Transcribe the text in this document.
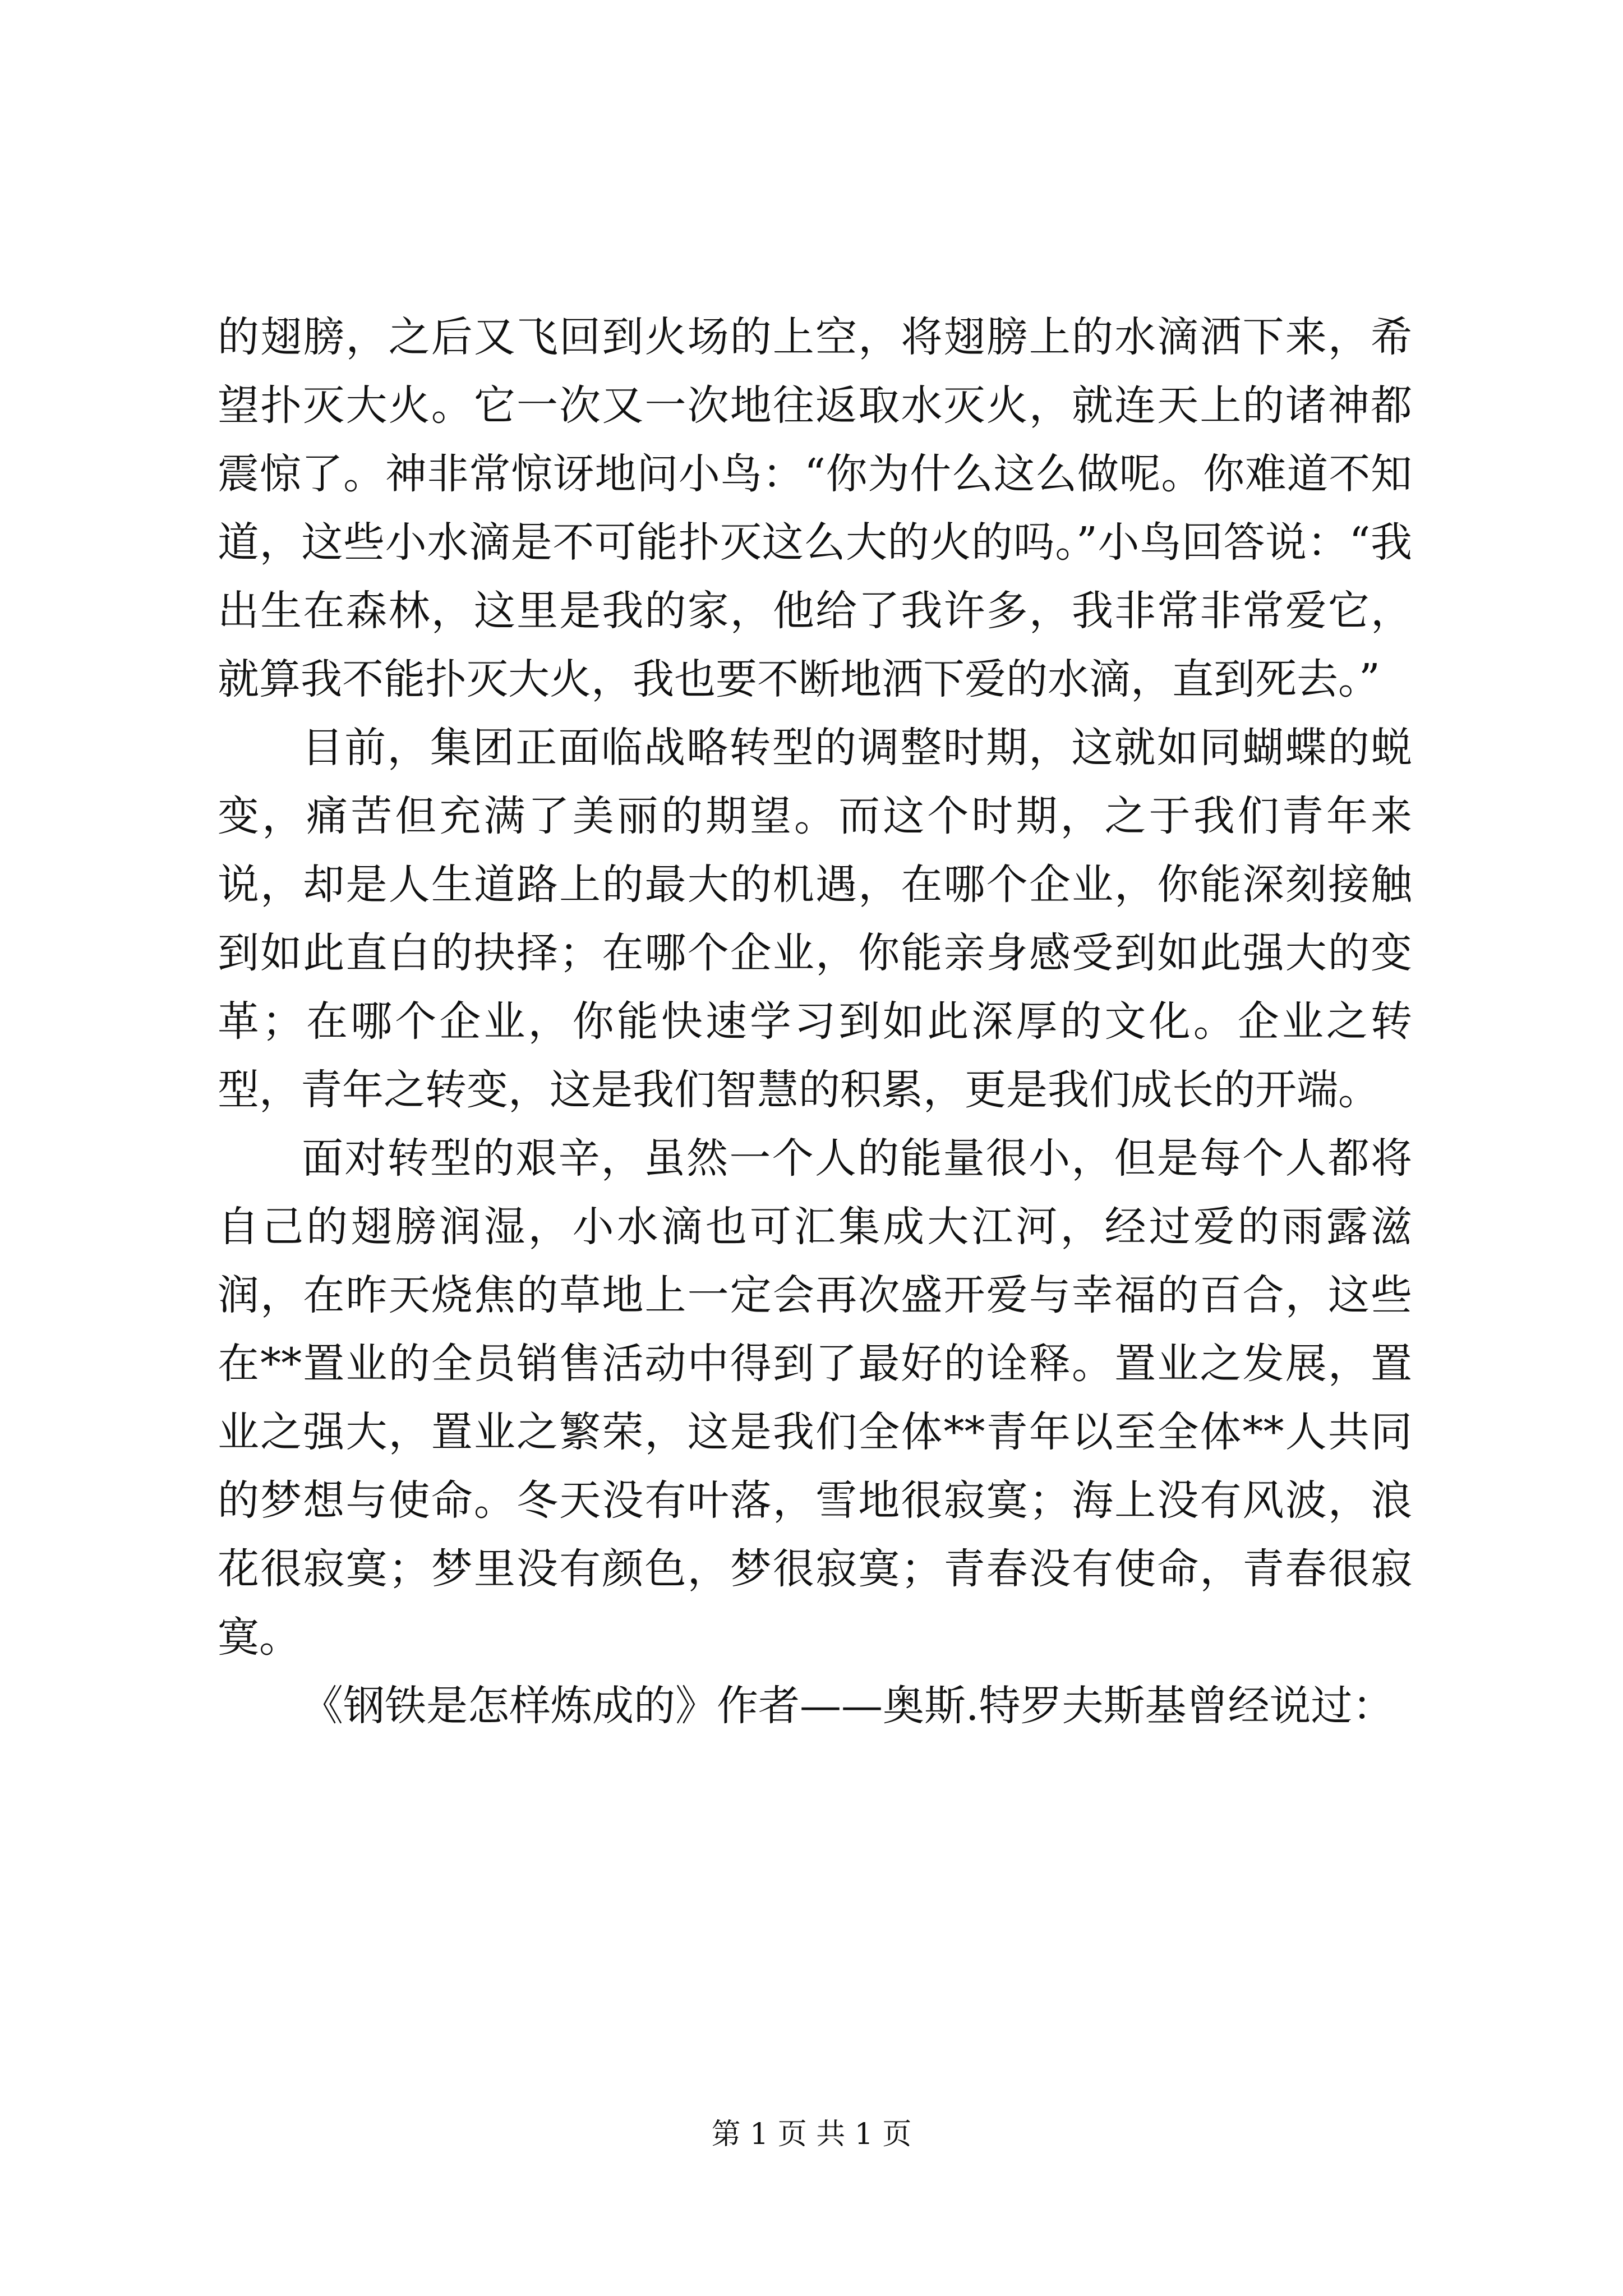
的翅膀，之后又飞回到火场的上空，将翅膀上的水滴洒下来，希望扑灭大火。它一次又一次地往返取水灭火，就连天上的诸神都震惊了。神非常惊讶地问小鸟：“你为什么这么做呢。你难道不知道，这些小水滴是不可能扑灭这么大的火的吗。”小鸟回答说：“我出生在森林，这里是我的家，他给了我许多，我非常非常爱它，就算我不能扑灭大火，我也要不断地洒下爱的水滴，直到死去。”

目前，集团正面临战略转型的调整时期，这就如同蝴蝶的蜕变，痛苦但充满了美丽的期望。而这个时期，之于我们青年来说，却是人生道路上的最大的机遇，在哪个企业，你能深刻接触到如此直白的抉择；在哪个企业，你能亲身感受到如此强大的变革；在哪个企业，你能快速学习到如此深厚的文化。企业之转型，青年之转变，这是我们智慧的积累，更是我们成长的开端。

面对转型的艰辛，虽然一个人的能量很小，但是每个人都将自己的翅膀润湿，小水滴也可汇集成大江河，经过爱的雨露滋润，在昨天烧焦的草地上一定会再次盛开爱与幸福的百合，这些在**置业的全员销售活动中得到了最好的诠释。置业之发展，置业之强大，置业之繁荣，这是我们全体**青年以至全体**人共同的梦想与使命。冬天没有叶落，雪地很寂寞；海上没有风波，浪花很寂寞；梦里没有颜色，梦很寂寞；青春没有使命，青春很寂寞。

《钢铁是怎样炼成的》作者——奥斯.特罗夫斯基曾经说过：

第 1 页 共 1 页
